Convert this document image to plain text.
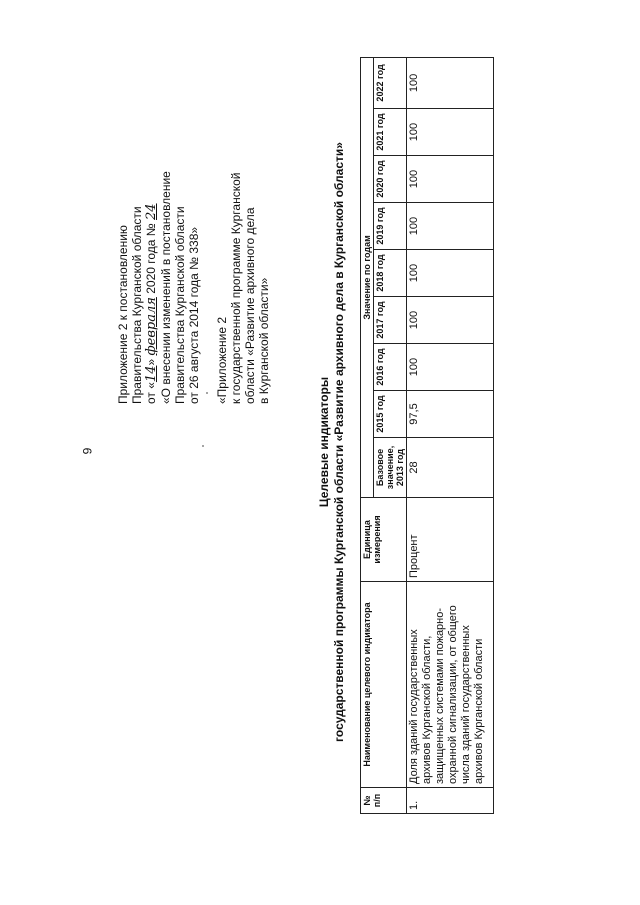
9
Приложение 2 к постановлению Правительства Курганской области от «14» февраля 2020 года № 24 «О внесении изменений в постановление Правительства Курганской области от 26 августа 2014 года № 338» «Приложение 2 к государственной программе Курганской области «Развитие архивного дела в Курганской области»
Целевые индикаторы государственной программы Курганской области «Развитие архивного дела в Курганской области»
№ п/п	Наименование целевого индикатора	Единица измерения	Значение по годам								
			Базовое значение, 2013 год	2015 год	2016 год	2017 год	2018 год	2019 год	2020 год	2021 год	2022 год
1.	Доля зданий государственных архивов Курганской области, защищенных системами пожарно-охранной сигнализации, от общего числа зданий государственных архивов Курганской области	Процент	28	97,5	100	100	100	100	100	100	100
